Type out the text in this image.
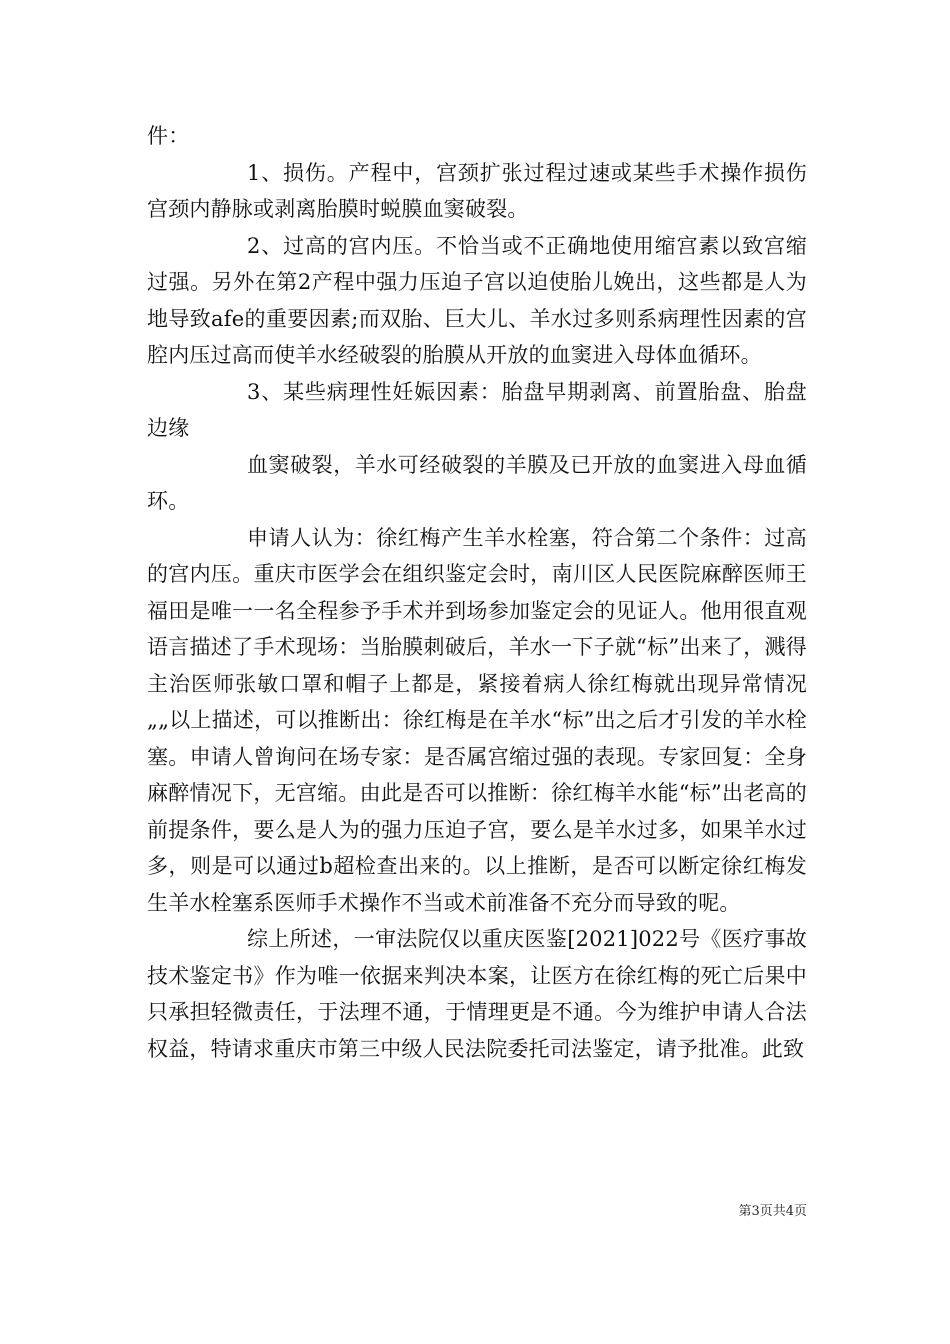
件：

1、损伤。产程中，宫颈扩张过程过速或某些手术操作损伤宫颈内静脉或剥离胎膜时蜕膜血窦破裂。

2、过高的宫内压。不恰当或不正确地使用缩宫素以致宫缩过强。另外在第2产程中强力压迫子宫以迫使胎儿娩出，这些都是人为地导致afe的重要因素;而双胎、巨大儿、羊水过多则系病理性因素的宫腔内压过高而使羊水经破裂的胎膜从开放的血窦进入母体血循环。

3、某些病理性妊娠因素：胎盘早期剥离、前置胎盘、胎盘边缘

血窦破裂，羊水可经破裂的羊膜及已开放的血窦进入母血循环。

申请人认为：徐红梅产生羊水栓塞，符合第二个条件：过高的宫内压。重庆市医学会在组织鉴定会时，南川区人民医院麻醉医师王福田是唯一一名全程参予手术并到场参加鉴定会的见证人。他用很直观语言描述了手术现场：当胎膜刺破后，羊水一下子就“标”出来了，溅得主治医师张敏口罩和帽子上都是，紧接着病人徐红梅就出现异常情况„„以上描述，可以推断出：徐红梅是在羊水“标”出之后才引发的羊水栓塞。申请人曾询问在场专家：是否属宫缩过强的表现。专家回复：全身麻醉情况下，无宫缩。由此是否可以推断：徐红梅羊水能“标”出老高的前提条件，要么是人为的强力压迫子宫，要么是羊水过多，如果羊水过多，则是可以通过b超检查出来的。以上推断，是否可以断定徐红梅发生羊水栓塞系医师手术操作不当或术前准备不充分而导致的呢。

综上所述，一审法院仅以重庆医鉴[2021]022号《医疗事故技术鉴定书》作为唯一依据来判决本案，让医方在徐红梅的死亡后果中只承担轻微责任，于法理不通，于情理更是不通。今为维护申请人合法权益，特请求重庆市第三中级人民法院委托司法鉴定，请予批准。此致

第3页共4页
